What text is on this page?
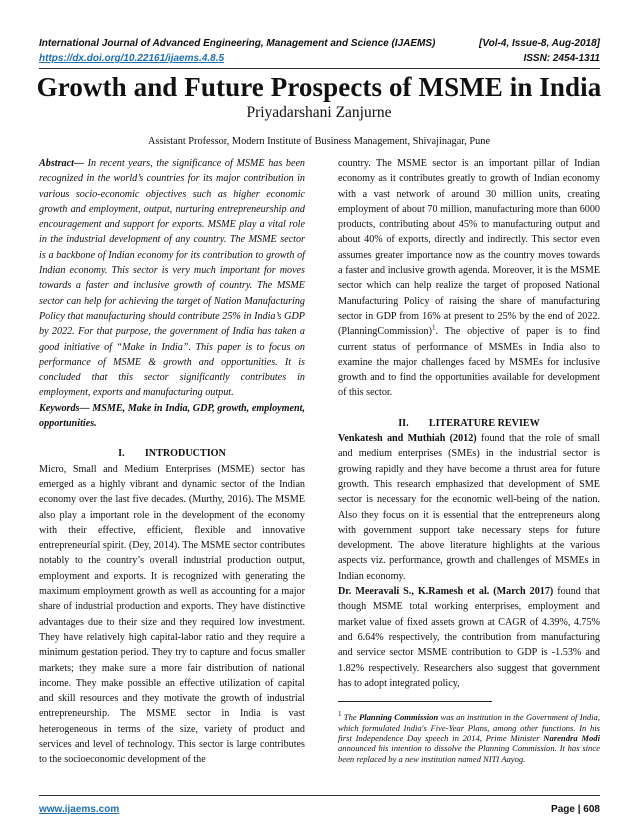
International Journal of Advanced Engineering, Management and Science (IJAEMS)	[Vol-4, Issue-8, Aug-2018]
https://dx.doi.org/10.22161/ijaems.4.8.5	ISSN: 2454-1311
Growth and Future Prospects of MSME in India
Priyadarshani Zanjurne
Assistant Professor, Modern Institute of Business Management, Shivajinagar, Pune

Abstract— In recent years, the significance of MSME has been recognized in the world’s countries for its major contribution in various socio-economic objectives such as higher economic growth and employment, output, nurturing entrepreneurship and encouragement and support for exports. MSME play a vital role in the industrial development of any country. The MSME sector is a backbone of Indian economy for its contribution to growth of Indian economy. This sector is very much important for moves towards a faster and inclusive growth of country. The MSME sector can help for achieving the target of Nation Manufacturing Policy that manufacturing should contribute 25% in India’s GDP by 2022. For that purpose, the government of India has taken a good initiative of “Make in India”. This paper is to focus on performance of MSME & growth and opportunities. It is concluded that this sector significantly contributes in employment, exports and manufacturing output.

Keywords— MSME, Make in India, GDP, growth, employment, opportunities.

I.        INTRODUCTION

Micro, Small and Medium Enterprises (MSME) sector has emerged as a highly vibrant and dynamic sector of the Indian economy over the last five decades. (Murthy, 2016). The MSME also play a important role in the development of the economy with their effective, efficient, flexible and innovative entrepreneurial spirit. (Dey, 2014). The MSME sector contributes notably to the country’s overall industrial production output, employment and exports. It is recognized with generating the maximum employment growth as well as accounting for a major share of industrial production and exports. They have distinctive advantages due to their size and they required low investment. They have relatively high capital-labor ratio and they require a minimum gestation period. They try to capture and focus smaller markets; they make sure a more fair distribution of national income. They make possible an effective utilization of capital and skill resources and they motivate the growth of industrial entrepreneurship. The MSME sector in India is vast heterogeneous in terms of the size, variety of product and services and level of technology. This sector is large contributes to the socioeconomic development of the

country. The MSME sector is an important pillar of Indian economy as it contributes greatly to growth of Indian economy with a vast network of around 30 million units, creating employment of about 70 million, manufacturing more than 6000 products, contributing about 45% to manufacturing output and about 40% of exports, directly and indirectly. This sector even assumes greater importance now as the country moves towards a faster and inclusive growth agenda. Moreover, it is the MSME sector which can help realize the target of proposed National Manufacturing Policy of raising the share of manufacturing sector in GDP from 16% at present to 25% by the end of 2022. (PlanningCommission)$^1$. The objective of paper is to find current status of performance of MSMEs in India also to examine the major challenges faced by MSMEs for inclusive growth and to find the opportunities available for development of this sector.

II.        LITERATURE REVIEW

Venkatesh and Muthiah (2012) found that the role of small and medium enterprises (SMEs) in the industrial sector is growing rapidly and they have become a thrust area for future growth. This research emphasized that development of SME sector is necessary for the economic well-being of the nation. Also they focus on it is essential that the entrepreneurs along with government support take necessary steps for future development. The above literature highlights at the various aspects viz. performance, growth and challenges of MSMEs in Indian economy.

Dr. Meeravali S., K.Ramesh et al. (March 2017) found that though MSME total working enterprises, employment and market value of fixed assets grown at CAGR of 4.39%, 4.75% and 6.64% respectively, the contribution from manufacturing and service sector MSME contribution to GDP is -1.53% and 1.82% respectively. Researchers also suggest that government has to adopt integrated policy,

$^1$ The Planning Commission was an institution in the Government of India, which formulated India's Five-Year Plans, among other functions. In his first Independence Day speech in 2014, Prime Minister Narendra Modi announced his intention to dissolve the Planning Commission. It has since been replaced by a new institution named NITI Aayog.

www.ijaems.com	Page | 608
